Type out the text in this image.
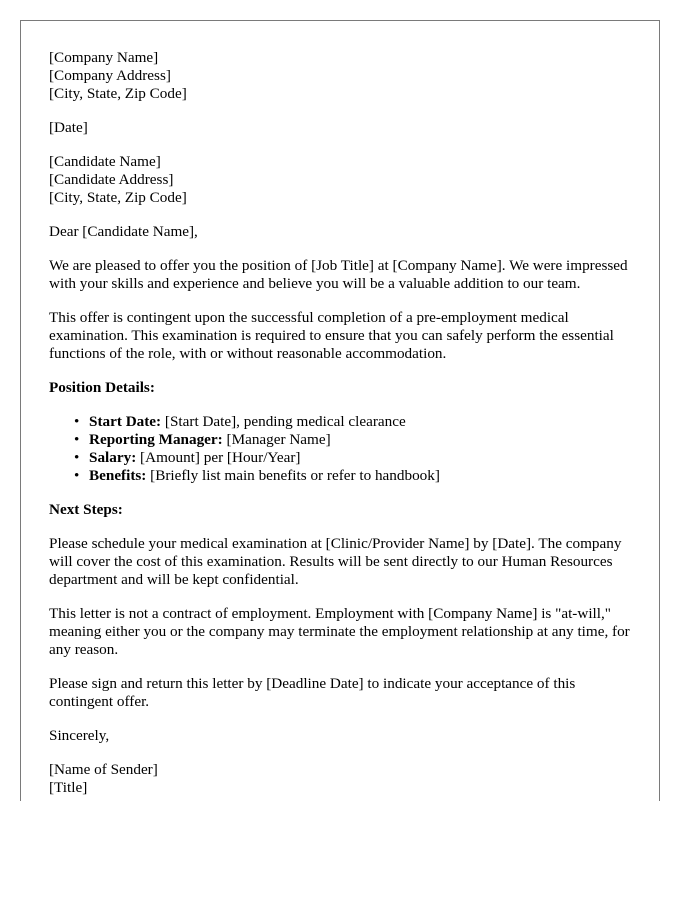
[Company Name]
[Company Address]
[City, State, Zip Code]

[Date]

[Candidate Name]
[Candidate Address]
[City, State, Zip Code]

Dear [Candidate Name],

We are pleased to offer you the position of [Job Title] at [Company Name]. We were impressed with your skills and experience and believe you will be a valuable addition to our team.

This offer is contingent upon the successful completion of a pre-employment medical examination. This examination is required to ensure that you can safely perform the essential functions of the role, with or without reasonable accommodation.

Position Details:

• Start Date: [Start Date], pending medical clearance
• Reporting Manager: [Manager Name]
• Salary: [Amount] per [Hour/Year]
• Benefits: [Briefly list main benefits or refer to handbook]

Next Steps:

Please schedule your medical examination at [Clinic/Provider Name] by [Date]. The company will cover the cost of this examination. Results will be sent directly to our Human Resources department and will be kept confidential.

This letter is not a contract of employment. Employment with [Company Name] is "at-will," meaning either you or the company may terminate the employment relationship at any time, for any reason.

Please sign and return this letter by [Deadline Date] to indicate your acceptance of this contingent offer.

Sincerely,

[Name of Sender]
[Title]
